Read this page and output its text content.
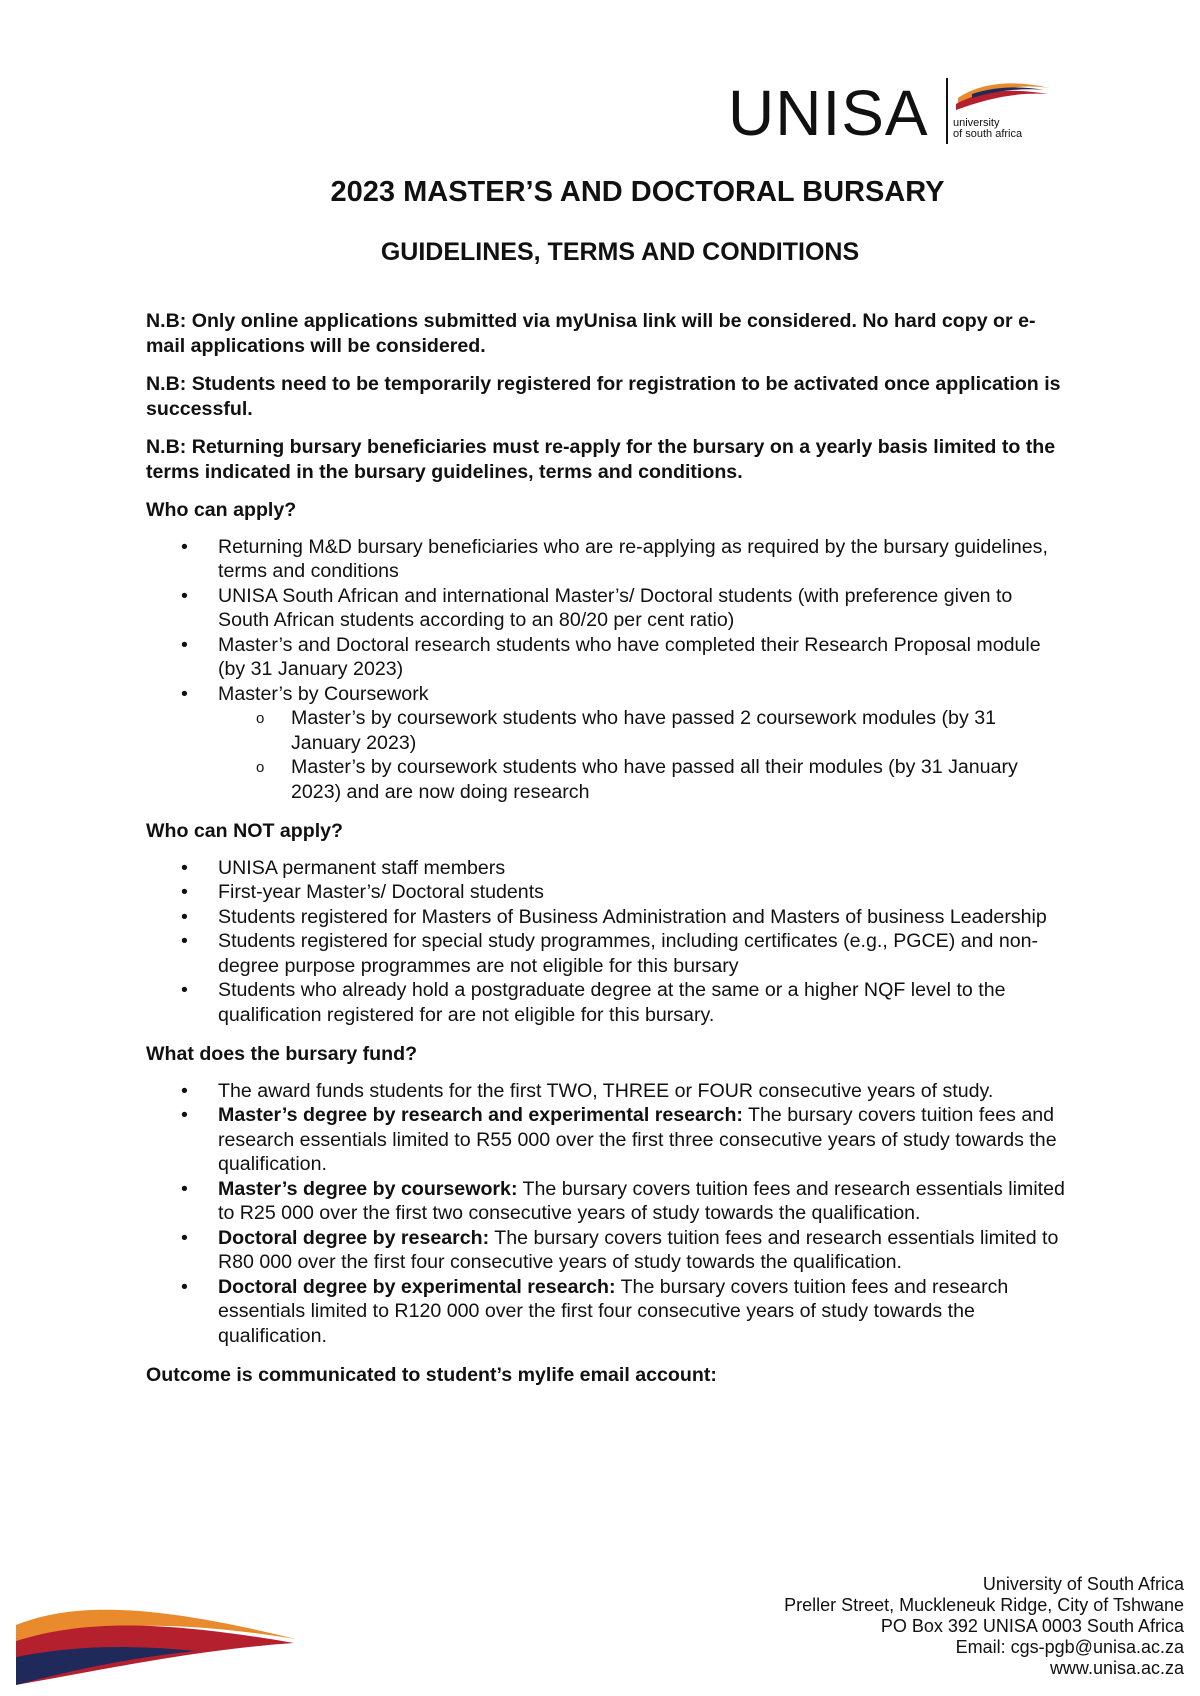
UNISA university
of south africa
2023 MASTER’S AND DOCTORAL BURSARY
GUIDELINES, TERMS AND CONDITIONS

N.B: Only online applications submitted via myUnisa link will be considered. No hard copy or e-mail applications will be considered.

N.B: Students need to be temporarily registered for registration to be activated once application is successful.

N.B: Returning bursary beneficiaries must re-apply for the bursary on a yearly basis limited to the terms indicated in the bursary guidelines, terms and conditions.

Who can apply?

• Returning M&D bursary beneficiaries who are re-applying as required by the bursary guidelines, terms and conditions
• UNISA South African and international Master’s/ Doctoral students (with preference given to South African students according to an 80/20 per cent ratio)
• Master’s and Doctoral research students who have completed their Research Proposal module (by 31 January 2023)
• Master’s by Coursework
o Master’s by coursework students who have passed 2 coursework modules (by 31 January 2023)
o Master’s by coursework students who have passed all their modules (by 31 January 2023) and are now doing research

Who can NOT apply?

• UNISA permanent staff members
• First-year Master’s/ Doctoral students
• Students registered for Masters of Business Administration and Masters of business Leadership
• Students registered for special study programmes, including certificates (e.g., PGCE) and non-degree purpose programmes are not eligible for this bursary
• Students who already hold a postgraduate degree at the same or a higher NQF level to the qualification registered for are not eligible for this bursary.

What does the bursary fund?

• The award funds students for the first TWO, THREE or FOUR consecutive years of study.
• Master’s degree by research and experimental research: The bursary covers tuition fees and research essentials limited to R55 000 over the first three consecutive years of study towards the qualification.
• Master’s degree by coursework: The bursary covers tuition fees and research essentials limited to R25 000 over the first two consecutive years of study towards the qualification.
• Doctoral degree by research: The bursary covers tuition fees and research essentials limited to R80 000 over the first four consecutive years of study towards the qualification.
• Doctoral degree by experimental research: The bursary covers tuition fees and research essentials limited to R120 000 over the first four consecutive years of study towards the qualification.

Outcome is communicated to student’s mylife email account:

University of South Africa
Preller Street, Muckleneuk Ridge, City of Tshwane
PO Box 392 UNISA 0003 South Africa
Email: cgs-pgb@unisa.ac.za
www.unisa.ac.za
